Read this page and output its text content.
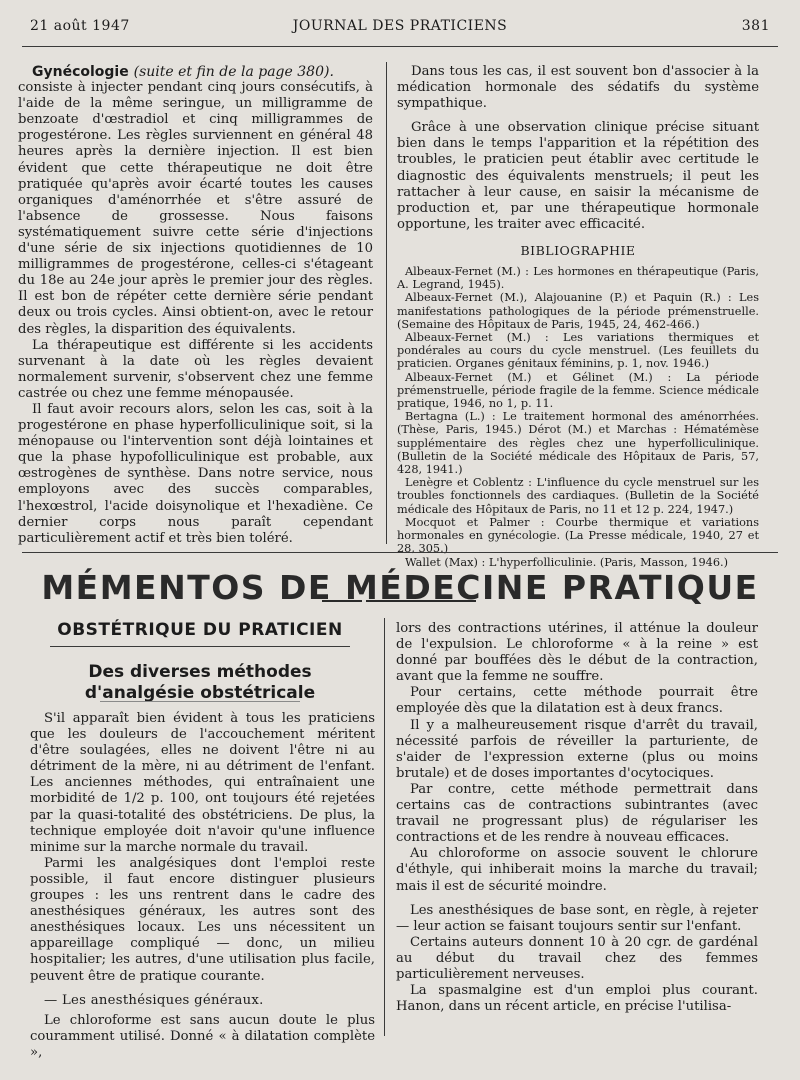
21 août 1947	JOURNAL DES PRATICIENS	381

Gynécologie (suite et fin de la page 380).

consiste à injecter pendant cinq jours consécutifs, à l'aide de la même seringue, un milligramme de benzoate d'œstradiol et cinq milligrammes de progestérone. Les règles surviennent en général 48 heures après la dernière injection. Il est bien évident que cette thérapeutique ne doit être pratiquée qu'après avoir écarté toutes les causes organiques d'aménorrhée et s'être assuré de l'absence de grossesse. Nous faisons systématiquement suivre cette série d'injections d'une série de six injections quotidiennes de 10 milligrammes de progestérone, celles-ci s'étageant du 18e au 24e jour après le premier jour des règles. Il est bon de répéter cette dernière série pendant deux ou trois cycles. Ainsi obtient-on, avec le retour des règles, la disparition des équivalents.

La thérapeutique est différente si les accidents survenant à la date où les règles devaient normalement survenir, s'observent chez une femme castrée ou chez une femme ménopausée.

Il faut avoir recours alors, selon les cas, soit à la progestérone en phase hyperfolliculinique soit, si la ménopause ou l'intervention sont déjà lointaines et que la phase hypofolliculinique est probable, aux œstrogènes de synthèse. Dans notre service, nous employons avec des succès comparables, l'hexœstrol, l'acide doisynolique et l'hexadiène. Ce dernier corps nous paraît cependant particulièrement actif et très bien toléré.

Dans tous les cas, il est souvent bon d'associer à la médication hormonale des sédatifs du système sympathique.

Grâce à une observation clinique précise situant bien dans le temps l'apparition et la répétition des troubles, le praticien peut établir avec certitude le diagnostic des équivalents menstruels; il peut les rattacher à leur cause, en saisir la mécanisme de production et, par une thérapeutique hormonale opportune, les traiter avec efficacité.

BIBLIOGRAPHIE

Albeaux-Fernet (M.) : Les hormones en thérapeutique (Paris, A. Legrand, 1945).

Albeaux-Fernet (M.), Alajouanine (P.) et Paquin (R.) : Les manifestations pathologiques de la période prémenstruelle. (Semaine des Hôpitaux de Paris, 1945, 24, 462-466.)

Albeaux-Fernet (M.) : Les variations thermiques et pondérales au cours du cycle menstruel. (Les feuillets du praticien. Organes génitaux féminins, p. 1, nov. 1946.)

Albeaux-Fernet (M.) et Gélinet (M.) : La période prémenstruelle, période fragile de la femme. Science médicale pratique, 1946, no 1, p. 11.

Bertagna (L.) : Le traitement hormonal des aménorrhées. (Thèse, Paris, 1945.) Dérot (M.) et Marchas : Hématémèse supplémentaire des règles chez une hyperfolliculinique. (Bulletin de la Société médicale des Hôpitaux de Paris, 57, 428, 1941.)

Lenègre et Coblentz : L'influence du cycle menstruel sur les troubles fonctionnels des cardiaques. (Bulletin de la Société médicale des Hôpitaux de Paris, no 11 et 12 p. 224, 1947.)

Mocquot et Palmer : Courbe thermique et variations hormonales en gynécologie. (La Presse médicale, 1940, 27 et 28, 305.)

Wallet (Max) : L'hyperfolliculinie. (Paris, Masson, 1946.)

MÉMENTOS DE MÉDECINE PRATIQUE
OBSTÉTRIQUE DU PRATICIEN
Des diverses méthodes
d'analgésie obstétricale

S'il apparaît bien évident à tous les praticiens que les douleurs de l'accouchement méritent d'être soulagées, elles ne doivent l'être ni au détriment de la mère, ni au détriment de l'enfant. Les anciennes méthodes, qui entraînaient une morbidité de 1/2 p. 100, ont toujours été rejetées par la quasi-totalité des obstétriciens. De plus, la technique employée doit n'avoir qu'une influence minime sur la marche normale du travail.

Parmi les analgésiques dont l'emploi reste possible, il faut encore distinguer plusieurs groupes : les uns rentrent dans le cadre des anesthésiques généraux, les autres sont des anesthésiques locaux. Les uns nécessitent un appareillage compliqué — donc, un milieu hospitalier; les autres, d'une utilisation plus facile, peuvent être de pratique courante.

— Les anesthésiques généraux.

Le chloroforme est sans aucun doute le plus couramment utilisé. Donné « à dilatation complète »,

lors des contractions utérines, il atténue la douleur de l'expulsion. Le chloroforme « à la reine » est donné par bouffées dès le début de la contraction, avant que la femme ne souffre.

Pour certains, cette méthode pourrait être employée dès que la dilatation est à deux francs.

Il y a malheureusement risque d'arrêt du travail, nécessité parfois de réveiller la parturiente, de s'aider de l'expression externe (plus ou moins brutale) et de doses importantes d'ocytociques.

Par contre, cette méthode permettrait dans certains cas de contractions subintrantes (avec travail ne progressant plus) de régulariser les contractions et de les rendre à nouveau efficaces.

Au chloroforme on associe souvent le chlorure d'éthyle, qui inhiberait moins la marche du travail; mais il est de sécurité moindre.

Les anesthésiques de base sont, en règle, à rejeter — leur action se faisant toujours sentir sur l'enfant.

Certains auteurs donnent 10 à 20 cgr. de gardénal au début du travail chez des femmes particulièrement nerveuses.

La spasmalgine est d'un emploi plus courant. Hanon, dans un récent article, en précise l'utilisa-
